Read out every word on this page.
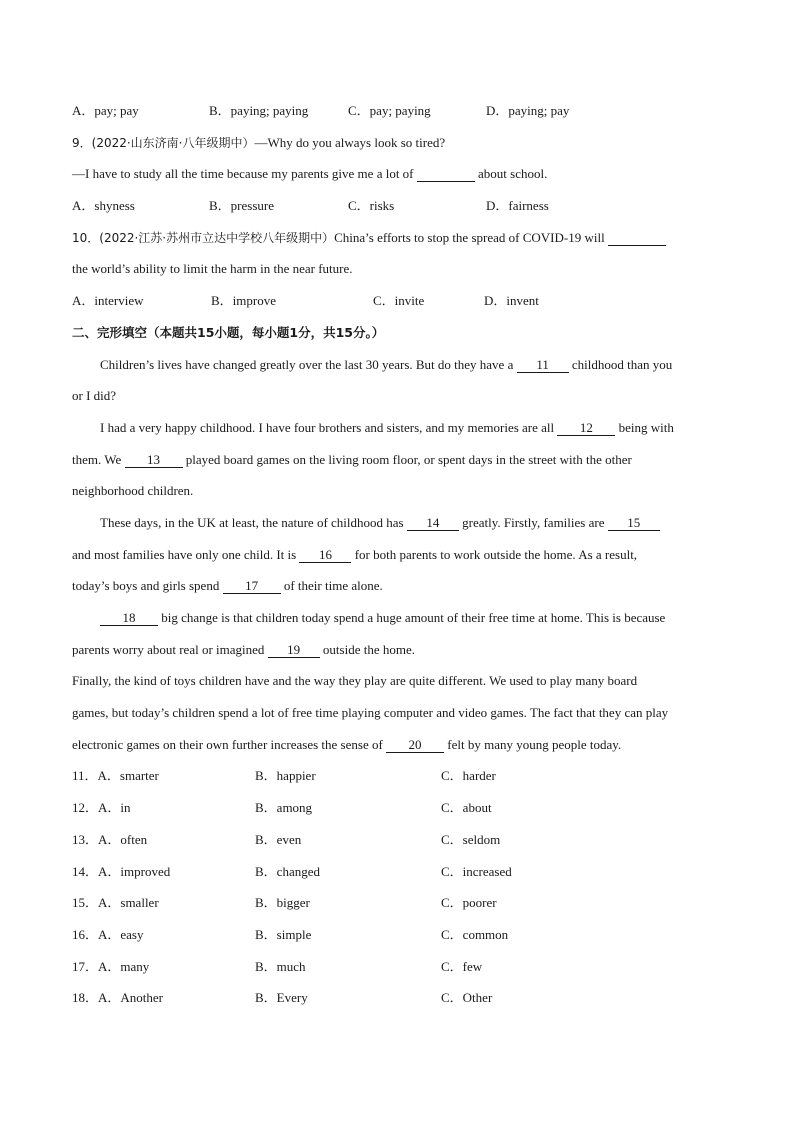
A．pay; pay	B．paying; paying	C．pay; paying	D．paying; pay
9．(2022·山东济南·八年级期中）—Why do you always look so tired?
—I have to study all the time because my parents give me a lot of	about school.
A．shyness	B．pressure	C．risks	D．fairness
10．(2022·江苏·苏州市立达中学校八年级期中）China’s efforts to stop the spread of COVID-19 will
the world’s ability to limit the harm in the near future.
A．interview	B．improve	C．invite	D．invent
二、完形填空（本题共15小题，每小题1分，共15分。）
Children’s lives have changed greatly over the last 30 years. But do they have a 11 childhood than you
or I did?
I had a very happy childhood. I have four brothers and sisters, and my memories are all 12 being with
them. We 13 played board games on the living room floor, or spent days in the street with the other
neighborhood children.
These days, in the UK at least, the nature of childhood has 14 greatly. Firstly, families are 15
and most families have only one child. It is 16 for both parents to work outside the home. As a result,
today’s boys and girls spend 17 of their time alone.
18 big change is that children today spend a huge amount of their free time at home. This is because
parents worry about real or imagined 19 outside the home.
Finally, the kind of toys children have and the way they play are quite different. We used to play many board
games, but today’s children spend a lot of free time playing computer and video games. The fact that they can play
electronic games on their own further increases the sense of 20 felt by many young people today.
11．A．smarter	B．happier	C．harder
12．A．in	B．among	C．about
13．A．often	B．even	C．seldom
14．A．improved	B．changed	C．increased
15．A．smaller	B．bigger	C．poorer
16．A．easy	B．simple	C．common
17．A．many	B．much	C．few
18．A．Another	B．Every	C．Other
